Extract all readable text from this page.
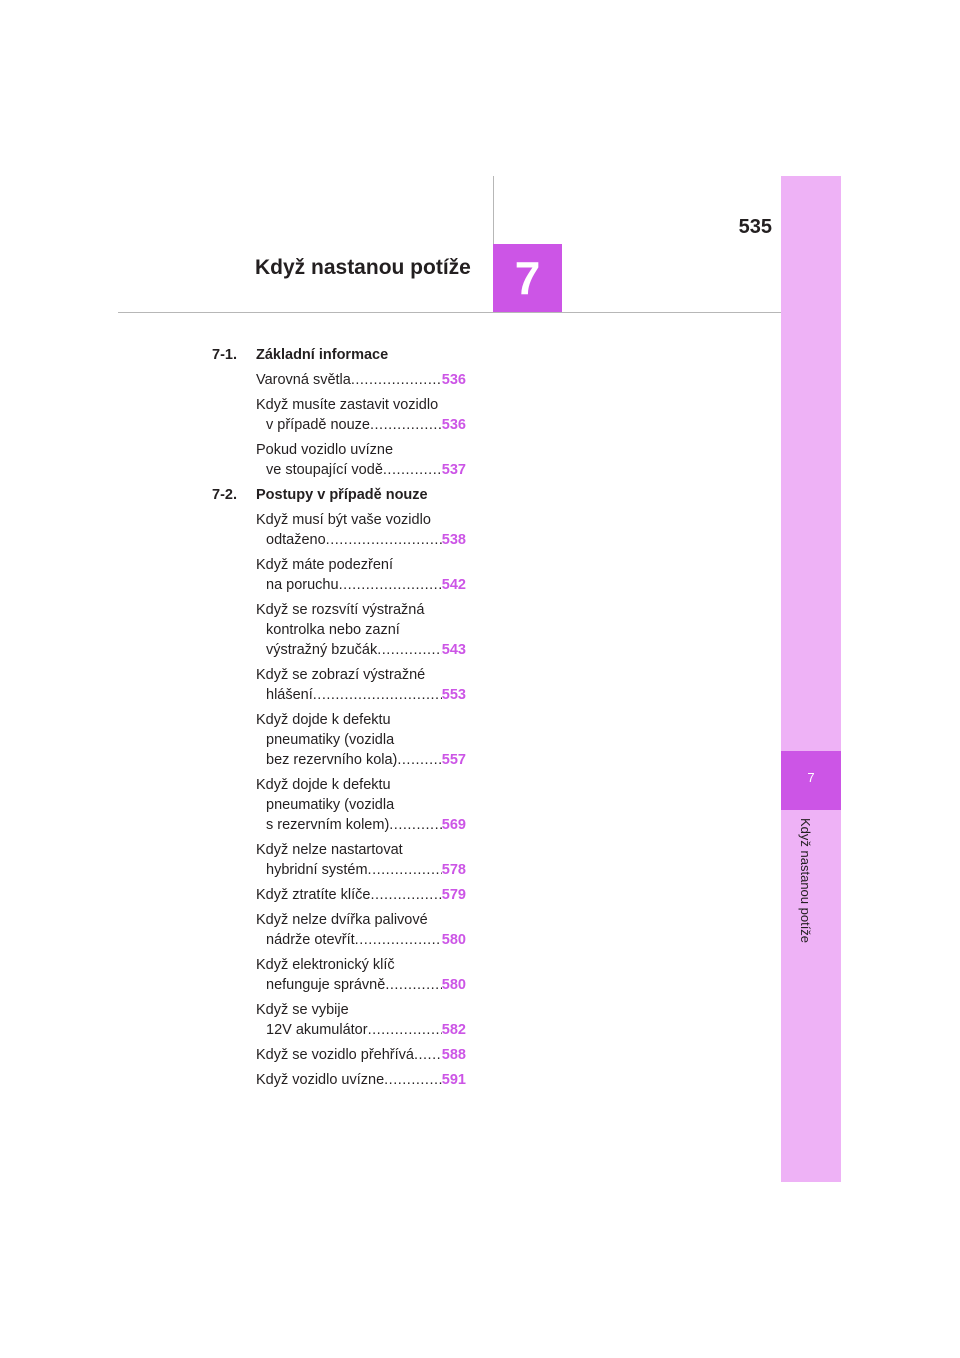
7
Když nastanou potíže
535
7
Když nastanou potíže
7-1. Základní informace
Varovná světla .....	536
Když musíte zastavit vozidlo
v případě nouze .....	536
Pokud vozidlo uvízne
ve stoupající vodě .....	537
7-2. Postupy v případě nouze
Když musí být vaše vozidlo
odtaženo .....	538
Když máte podezření
na poruchu .....	542
Když se rozsvítí výstražná
kontrolka nebo zazní
výstražný bzučák .....	543
Když se zobrazí výstražné
hlášení .....	553
Když dojde k defektu
pneumatiky (vozidla
bez rezervního kola) .....	557
Když dojde k defektu
pneumatiky (vozidla
s rezervním kolem) .....	569
Když nelze nastartovat
hybridní systém .....	578
Když ztratíte klíče .....	579
Když nelze dvířka palivové
nádrže otevřít .....	580
Když elektronický klíč
nefunguje správně .....	580
Když se vybije
12V akumulátor .....	582
Když se vozidlo přehřívá ..... 588
Když vozidlo uvízne .....	591
